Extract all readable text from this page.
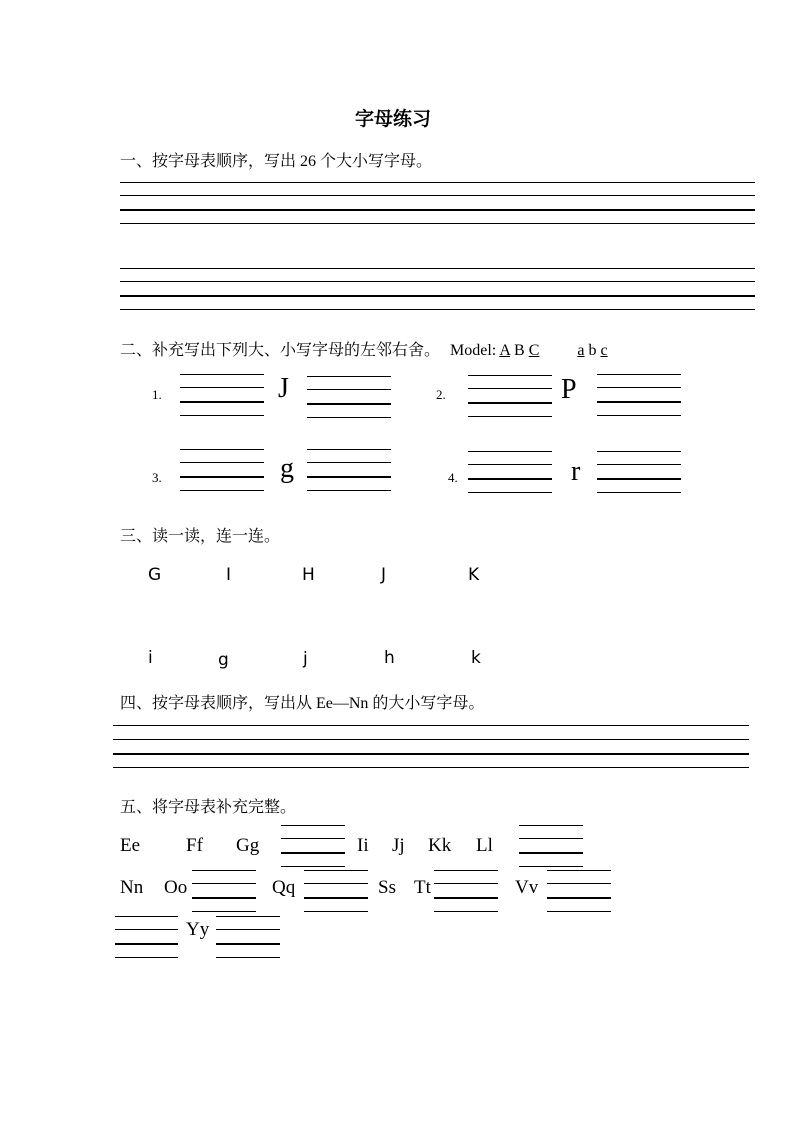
字母练习
一、按字母表顺序，写出 26 个大小写字母。
二、补充写出下列大、小写字母的左邻右舍。 Model: A B C a b c
1.	J	2.	P
3.	g	4.	r
三、读一读，连一连。
G	I	H	J	K
i	g	j	h	k
四、按字母表顺序，写出从 Ee—Nn 的大小写字母。
五、将字母表补充完整。
Ee Ff Gg	Ii Jj Kk Ll
Nn Oo	Qq	Ss Tt	Vv
Yy
